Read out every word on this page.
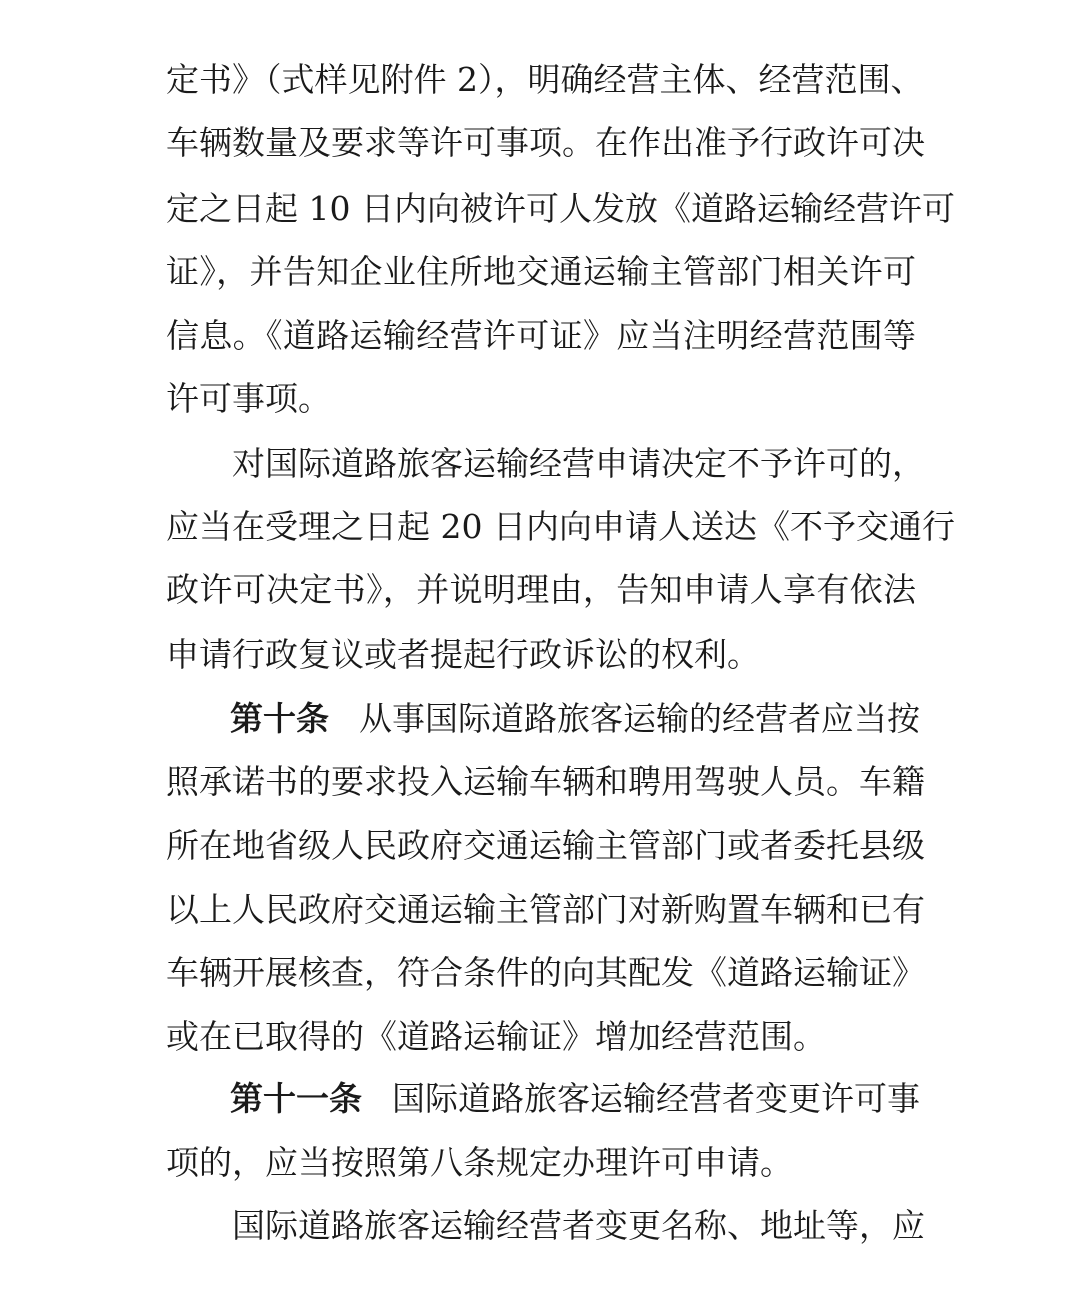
定书》（式样见附件 2），明确经营主体、经营范围、
车辆数量及要求等许可事项。在作出准予行政许可决
定之日起 10 日内向被许可人发放《道路运输经营许可
证》，并告知企业住所地交通运输主管部门相关许可
信息。《道路运输经营许可证》应当注明经营范围等
许可事项。
对国际道路旅客运输经营申请决定不予许可的，
应当在受理之日起 20 日内向申请人送达《不予交通行
政许可决定书》，并说明理由，告知申请人享有依法
申请行政复议或者提起行政诉讼的权利。
第十条 从事国际道路旅客运输的经营者应当按
照承诺书的要求投入运输车辆和聘用驾驶人员。车籍
所在地省级人民政府交通运输主管部门或者委托县级
以上人民政府交通运输主管部门对新购置车辆和已有
车辆开展核查，符合条件的向其配发《道路运输证》
或在已取得的《道路运输证》增加经营范围。
第十一条 国际道路旅客运输经营者变更许可事
项的，应当按照第八条规定办理许可申请。
国际道路旅客运输经营者变更名称、地址等，应
